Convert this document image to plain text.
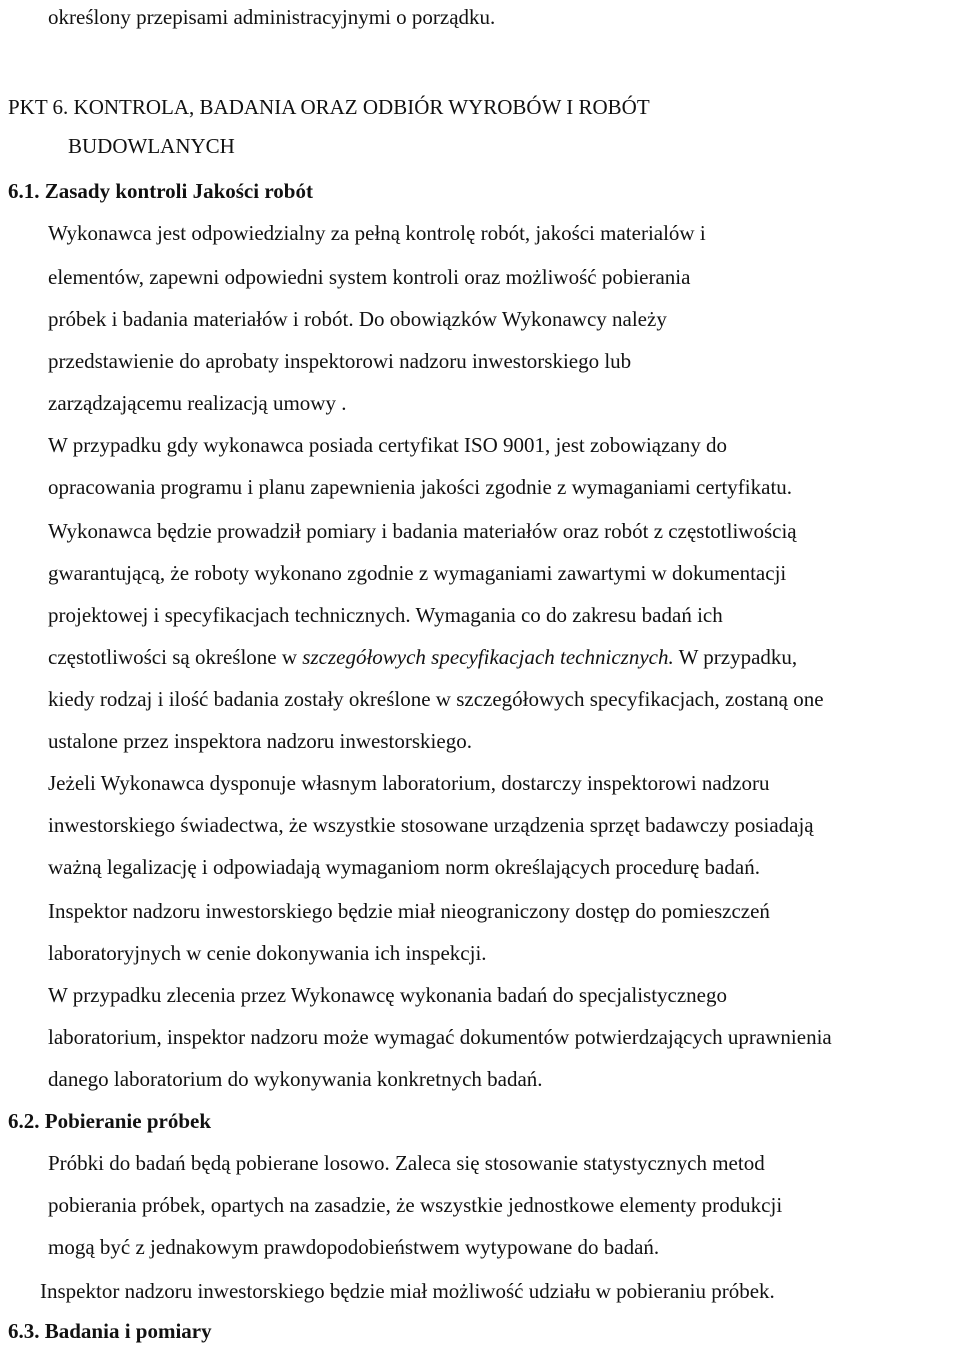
określony przepisami administracyjnymi o porządku.
PKT 6. KONTROLA, BADANIA ORAZ ODBIÓR WYROBÓW I ROBÓT
BUDOWLANYCH
6.1. Zasady kontroli Jakości robót
Wykonawca jest odpowiedzialny za pełną kontrolę robót, jakości materialów i
elementów, zapewni odpowiedni system kontroli oraz możliwość pobierania
próbek i badania materiałów i robót. Do obowiązków Wykonawcy należy
przedstawienie do aprobaty inspektorowi nadzoru inwestorskiego lub
zarządzającemu realizacją umowy .
W przypadku gdy wykonawca posiada certyfikat ISO 9001, jest zobowiązany do
opracowania programu i planu zapewnienia jakości zgodnie z wymaganiami certyfikatu.
Wykonawca będzie prowadził pomiary i badania materiałów oraz robót z częstotliwością
gwarantującą, że roboty wykonano zgodnie z wymaganiami zawartymi w dokumentacji
projektowej i specyfikacjach technicznych. Wymagania co do zakresu badań ich
częstotliwości są określone w szczegółowych specyfikacjach technicznych. W przypadku,
kiedy rodzaj i ilość badania zostały określone w szczegółowych specyfikacjach, zostaną one
ustalone przez inspektora nadzoru inwestorskiego.
Jeżeli Wykonawca dysponuje własnym laboratorium, dostarczy inspektorowi nadzoru
inwestorskiego świadectwa, że wszystkie stosowane urządzenia sprzęt badawczy posiadają
ważną legalizację i odpowiadają wymaganiom norm określających procedurę badań.
Inspektor nadzoru inwestorskiego będzie miał nieograniczony dostęp do pomieszczeń
laboratoryjnych w cenie dokonywania ich inspekcji.
W przypadku zlecenia przez Wykonawcę wykonania badań do specjalistycznego
laboratorium, inspektor nadzoru może wymagać dokumentów potwierdzających uprawnienia
danego laboratorium do wykonywania konkretnych badań.
6.2. Pobieranie próbek
Próbki do badań będą pobierane losowo. Zaleca się stosowanie statystycznych metod
pobierania próbek, opartych na zasadzie, że wszystkie jednostkowe elementy produkcji
mogą być z jednakowym prawdopodobieństwem wytypowane do badań.
Inspektor nadzoru inwestorskiego będzie miał możliwość udziału w pobieraniu próbek.
6.3. Badania i pomiary
